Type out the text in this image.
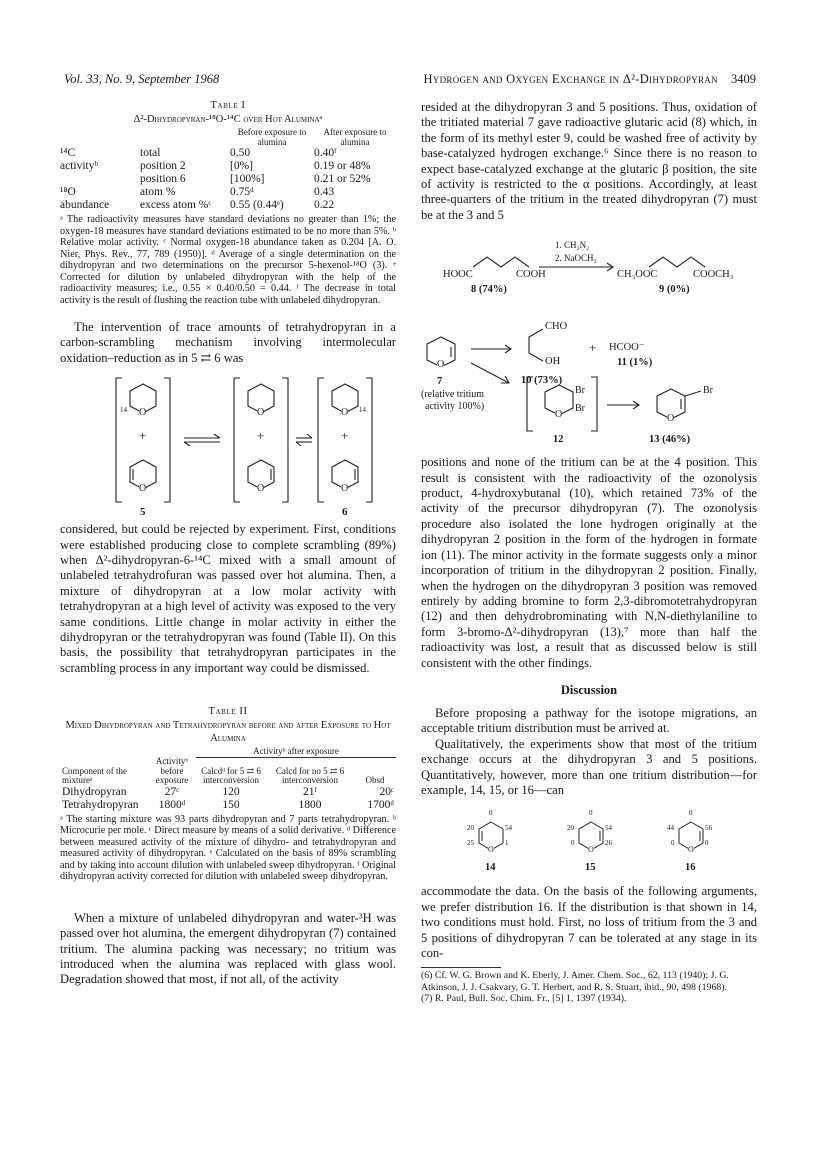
Vol. 33, No. 9, September 1968	Hydrogen and Oxygen Exchange in Δ²-Dihydropyran 3409

Table I

Δ²-Dihydropyran-¹⁸O-¹⁴C over Hot Aluminaᵃ

		Before exposure to alumina	After exposure to alumina
¹⁴C	total	0.50	0.40ᶠ
activityᵇ	position 2	[0%]	0.19 or 48%
	position 6	[100%]	0.21 or 52%
¹⁸O	atom %	0.75ᵈ	0.43
abundance	excess atom %ᶜ	0.55 (0.44ᵉ)	0.22

ᵃ The radioactivity measures have standard deviations no greater than 1%; the oxygen-18 measures have standard deviations estimated to be no more than 5%. ᵇ Relative molar activity. ᶜ Normal oxygen-18 abundance taken as 0.204 [A. O. Nier, Phys. Rev., 77, 789 (1950)]. ᵈ Average of a single determination on the dihydropyran and two determinations on the precursor 5-hexenol-¹⁸O (3). ᵉ Corrected for dilution by unlabeled dihydropyran with the help of the radioactivity measures; i.e., 0.55 × 0.40/0.50 = 0.44. ᶠ The decrease in total activity is the result of flushing the reaction tube with unlabeled dihydropyran.

The intervention of trace amounts of tetrahydropyran in a carbon-scrambling mechanism involving intermolecular oxidation–reduction as in 5 ⇄ 6 was

14 O
+
O
O
+
O
O 14
+
O
5	6

considered, but could be rejected by experiment. First, conditions were established producing close to complete scrambling (89%) when Δ²-dihydropyran-6-¹⁴C mixed with a small amount of unlabeled tetrahydrofuran was passed over hot alumina. Then, a mixture of dihydropyran at a low molar activity with tetrahydropyran at a high level of activity was exposed to the very same conditions. Little change in molar activity in either the dihydropyran or the tetrahydropyran was found (Table II). On this basis, the possibility that tetrahydropyran participates in the scrambling process in any important way could be dismissed.

Table II

Mixed Dihydropyran and Tetrahydropyran before and after Exposure to Hot Alumina

		Activityᵇ after exposure		
Component of the mixtureᵃ	Activityᵇ before exposure	Calcdᵈ for 5 ⇄ 6 interconversion	Calcd for no 5 ⇄ 6 interconversion	Obsd
Dihydropyran	27ᶜ	120	21ᶠ	20ᶜ
Tetrahydropyran	1800ᵈ	150	1800	1700ᵈ

ᵃ The starting mixture was 93 parts dihydropyran and 7 parts tetrahydropyran. ᵇ Microcurie per mole. ᶜ Direct measure by means of a solid derivative. ᵈ Difference between measured activity of the mixture of dihydro- and tetrahydropyran and measured activity of dihydropyran. ᵉ Calculated on the basis of 89% scrambling and by taking into account dilution with unlabeled sweep dihydropyran. ᶠ Original dihydropyran activity corrected for dilution with unlabeled sweep dihydropyran.

When a mixture of unlabeled dihydropyran and water-³H was passed over hot alumina, the emergent dihydropyran (7) contained tritium. The alumina packing was necessary; no tritium was introduced when the alumina was replaced with glass wool. Degradation showed that most, if not all, of the activity

resided at the dihydropyran 3 and 5 positions. Thus, oxidation of the tritiated material 7 gave radioactive glutaric acid (8) which, in the form of its methyl ester 9, could be washed free of activity by base-catalyzed hydrogen exchange.⁶ Since there is no reason to expect base-catalyzed exchange at the glutaric β position, the site of activity is restricted to the α positions. Accordingly, at least three-quarters of the tritium in the treated dihydropyran (7) must be at the 3 and 5

1. CH₂N₂
2. NaOCH₃
HOOC	COOH	CH₃OOC	COOCH₃
8 (74%)	9 (0%)
O
CHO
OH
+ HCOO⁻
11 (1%)
7	10 (73%)
(relative tritium
activity 100%)
Br
Br
O
12
Br
O
13 (46%)

positions and none of the tritium can be at the 4 position. This result is consistent with the radioactivity of the ozonolysis product, 4-hydroxybutanal (10), which retained 73% of the activity of the precursor dihydropyran (7). The ozonolysis procedure also isolated the lone hydrogen originally at the dihydropyran 2 position in the form of the hydrogen in formate ion (11). The minor activity in the formate suggests only a minor incorporation of tritium in the dihydropyran 2 position. Finally, when the hydrogen on the dihydropyran 3 position was removed entirely by adding bromine to form 2,3-dibromotetrahydropyran (12) and then dehydrobrominating with N,N-diethylaniline to form 3-bromo-Δ²-dihydropyran (13),⁷ more than half the radioactivity was lost, a result that as discussed below is still consistent with the other findings.

Discussion

Before proposing a pathway for the isotope migrations, an acceptable tritium distribution must be arrived at.

Qualitatively, the experiments show that most of the tritium exchange occurs at the dihydropyran 3 and 5 positions. Quantitatively, however, more than one tritium distribution—for example, 14, 15, or 16—can

0
20	54
25	1
O
14
0
20	54
0	26
O
15
0
44	56
0	0
O
16

accommodate the data. On the basis of the following arguments, we prefer distribution 16. If the distribution is that shown in 14, two conditions must hold. First, no loss of tritium from the 3 and 5 positions of dihydropyran 7 can be tolerated at any stage in its con-

(6) Cf. W. G. Brown and K. Eberly, J. Amer. Chem. Soc., 62, 113 (1940); J. G. Atkinson, J. J. Csakvary, G. T. Herbert, and R. S. Stuart, ibid., 90, 498 (1968).

(7) R. Paul, Bull. Soc. Chim. Fr., [5] 1, 1397 (1934).
